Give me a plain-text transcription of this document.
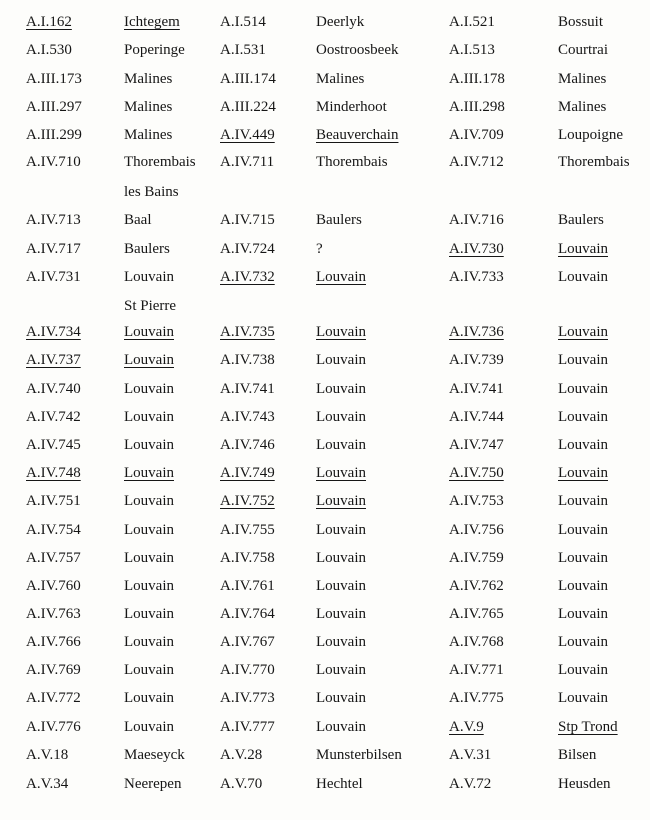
A.I.162	Ichtegem	A.I.514	Deerlyk	A.I.521	Bossuit
A.I.530	Poperinge A.I.531	Oostroosbeek	A.I.513	Courtrai
A.III.173	Malines	A.III.174	Malines	A.III.178	Malines
A.III.297	Malines	A.III.224	Minderhoot	A.III.298	Malines
A.III.299	Malines	A.IV.449	Beauverchain	A.IV.709	Loupoigne
A.IV.710	Thorembais A.IV.711	Thorembais	A.IV.712	Thorembais
les Bains
A.IV.713	Baal	A.IV.715	Baulers	A.IV.716	Baulers
A.IV.717	Baulers	A.IV.724	?	A.IV.730	Louvain
A.IV.731	Louvain	A.IV.732	Louvain	A.IV.733	Louvain
St Pierre
A.IV.734	Louvain	A.IV.735	Louvain	A.IV.736	Louvain
A.IV.737	Louvain	A.IV.738	Louvain	A.IV.739	Louvain
A.IV.740	Louvain	A.IV.741	Louvain	A.IV.741	Louvain
A.IV.742	Louvain	A.IV.743	Louvain	A.IV.744	Louvain
A.IV.745	Louvain	A.IV.746	Louvain	A.IV.747	Louvain
A.IV.748	Louvain	A.IV.749	Louvain	A.IV.750	Louvain
A.IV.751	Louvain	A.IV.752	Louvain	A.IV.753	Louvain
A.IV.754	Louvain	A.IV.755	Louvain	A.IV.756	Louvain
A.IV.757	Louvain	A.IV.758	Louvain	A.IV.759	Louvain
A.IV.760	Louvain	A.IV.761	Louvain	A.IV.762	Louvain
A.IV.763	Louvain	A.IV.764	Louvain	A.IV.765	Louvain
A.IV.766	Louvain	A.IV.767	Louvain	A.IV.768	Louvain
A.IV.769	Louvain	A.IV.770	Louvain	A.IV.771	Louvain
A.IV.772	Louvain	A.IV.773	Louvain	A.IV.775	Louvain
A.IV.776	Louvain	A.IV.777	Louvain	A.V.9	Stp Trond
A.V.18	Maeseyck A.V.28	Munsterbilsen	A.V.31	Bilsen
A.V.34	Neerepen	A.V.70	Hechtel	A.V.72	Heusden
